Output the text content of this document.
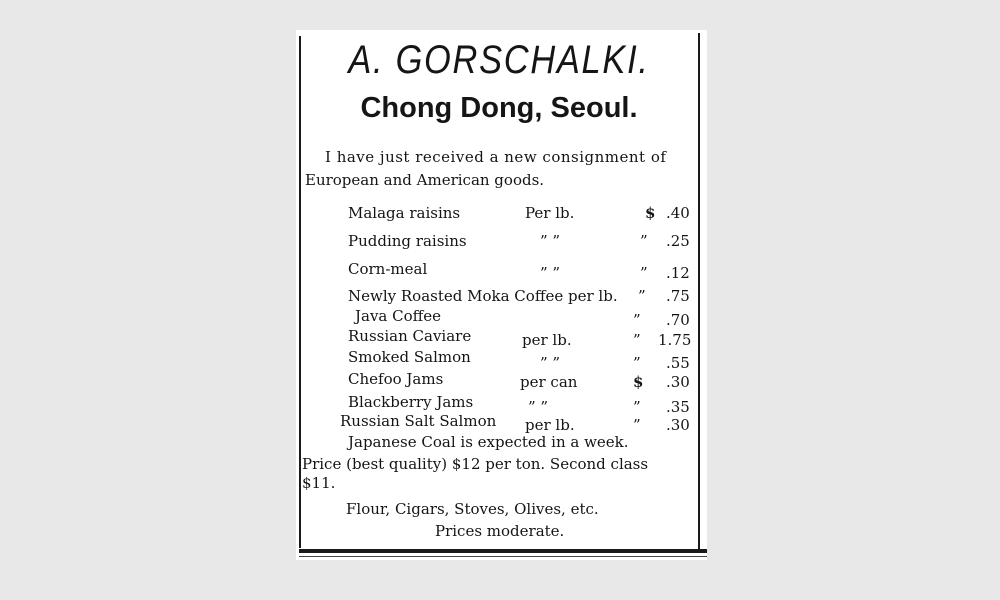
A. GORSCHALKI.
Chong Dong, Seoul.
I have just received a new consignment of
European and American goods.
Malaga raisins	Per lb.	$ .40
Pudding raisins	” ”	” .25
Corn-meal	” ”	” .12
Newly Roasted Moka Coffee per lb. ” .75
Java Coffee	” .70
Russian Caviare	per lb.	” 1.75
Smoked Salmon	” ”	” .55
Chefoo Jams	per can	$ .30
Blackberry Jams	” ”	” .35
Russian Salt Salmon per lb.	” .30
Japanese Coal is expected in a week.
Price (best quality) $12 per ton. Second class
$11.
Flour, Cigars, Stoves, Olives, etc.
Prices moderate.
